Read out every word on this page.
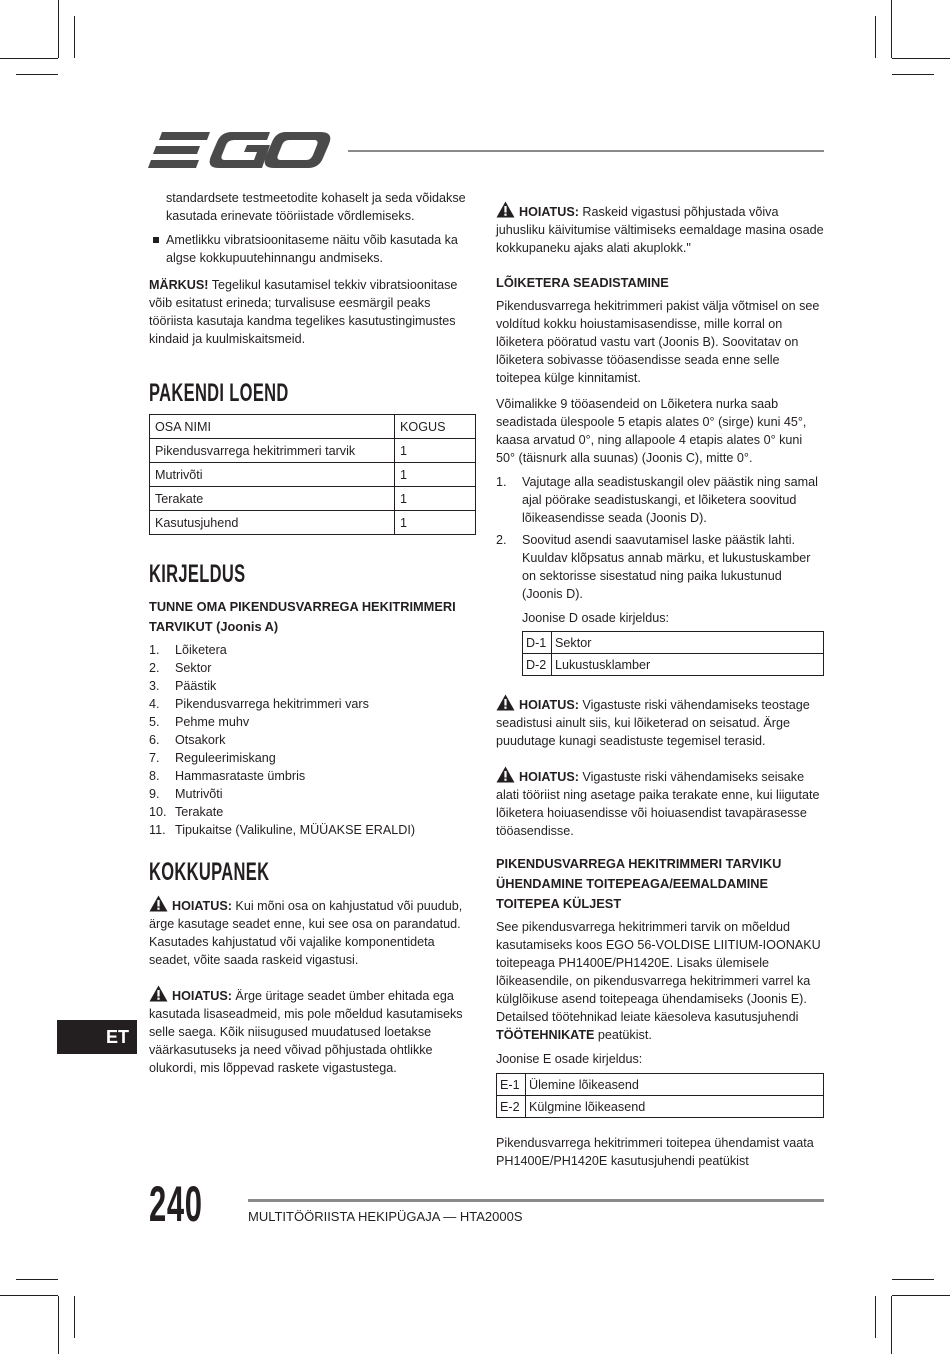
EGO

standardsete testmeetodite kohaselt ja seda võidakse kasutada erinevate tööriistade võrdlemiseks.

Ametlikku vibratsioonitaseme näitu võib kasutada ka algse kokkupuutehinnangu andmiseks.

MÄRKUS! Tegelikul kasutamisel tekkiv vibratsioonitase võib esitatust erineda; turvalisuse eesmärgil peaks tööriista kasutaja kandma tegelikes kasutustingimustes kindaid ja kuulmiskaitsmeid.

PAKENDI LOEND
OSA NIMI	KOGUS
Pikendusvarrega hekitrimmeri tarvik	1
Mutrivõti	1
Terakate	1
Kasutusjuhend	1
KIRJELDUS
TUNNE OMA PIKENDUSVARREGA HEKITRIMMERI TARVIKUT (Joonis A)
1. Lõiketera
2. Sektor
3. Päästik
4. Pikendusvarrega hekitrimmeri vars
5. Pehme muhv
6. Otsakork
7. Reguleerimiskang
8. Hammasrataste ümbris
9. Mutrivõti
10. Terakate
11. Tipukaitse (Valikuline, MÜÜAKSE ERALDI)
KOKKUPANEK

HOIATUS: Kui mõni osa on kahjustatud või puudub, ärge kasutage seadet enne, kui see osa on parandatud. Kasutades kahjustatud või vajalike komponentideta seadet, võite saada raskeid vigastusi.

HOIATUS: Ärge üritage seadet ümber ehitada ega kasutada lisaseadmeid, mis pole mõeldud kasutamiseks selle saega. Kõik niisugused muudatused loetakse väärkasutuseks ja need võivad põhjustada ohtlikke olukordi, mis lõppevad raskete vigastustega.

HOIATUS: Raskeid vigastusi põhjustada võiva juhusliku käivitumise vältimiseks eemaldage masina osade kokkupaneku ajaks alati akuplokk."

LÕIKETERA SEADISTAMINE

Pikendusvarrega hekitrimmeri pakist välja võtmisel on see voldítud kokku hoiustamisasendisse, mille korral on lõiketera pööratud vastu vart (Joonis B). Soovitatav on lõiketera sobivasse tööasendisse seada enne selle toitepea külge kinnitamist.

Võimalikke 9 tööasendeid on Lõiketera nurka saab seadistada ülespoole 5 etapis alates 0° (sirge) kuni 45°, kaasa arvatud 0°, ning allapoole 4 etapis alates 0° kuni 50° (täisnurk alla suunas) (Joonis C), mitte 0°.

1. Vajutage alla seadistuskangil olev päästik ning samal ajal pöörake seadistuskangi, et lõiketera soovitud lõikeasendisse seada (Joonis D).
2. Soovitud asendi saavutamisel laske päästik lahti. Kuuldav klõpsatus annab märku, et lukustuskamber on sektorisse sisestatud ning paika lukustunud (Joonis D).

Joonise D osade kirjeldus:

D-1	Sektor
D-2	Lukustusklamber

HOIATUS: Vigastuste riski vähendamiseks teostage seadistusi ainult siis, kui lõiketerad on seisatud. Ärge puudutage kunagi seadistuste tegemisel terasid.

HOIATUS: Vigastuste riski vähendamiseks seisake alati tööriist ning asetage paika terakate enne, kui liigutate lõiketera hoiuasendisse või hoiuasendist tavapärasesse tööasendisse.

PIKENDUSVARREGA HEKITRIMMERI TARVIKU ÜHENDAMINE TOITEPEAGA/EEMALDAMINE TOITEPEA KÜLJEST

See pikendusvarrega hekitrimmeri tarvik on mõeldud kasutamiseks koos EGO 56-VOLDISE LIITIUM-IOONAKU toitepeaga PH1400E/PH1420E. Lisaks ülemisele lõikeasendile, on pikendusvarrega hekitrimmeri varrel ka külglõikuse asend toitepeaga ühendamiseks (Joonis E). Detailsed töötehnikad leiate käesoleva kasutusjuhendi TÖÖTEHNIKATE peatükist.

Joonise E osade kirjeldus:

E-1	Ülemine lõikeasend
E-2	Külgmine lõikeasend

Pikendusvarrega hekitrimmeri toitepea ühendamist vaata PH1400E/PH1420E kasutusjuhendi peatükist

ET
240	MULTITÖÖRIISTA HEKIPÜGAJA — HTA2000S
